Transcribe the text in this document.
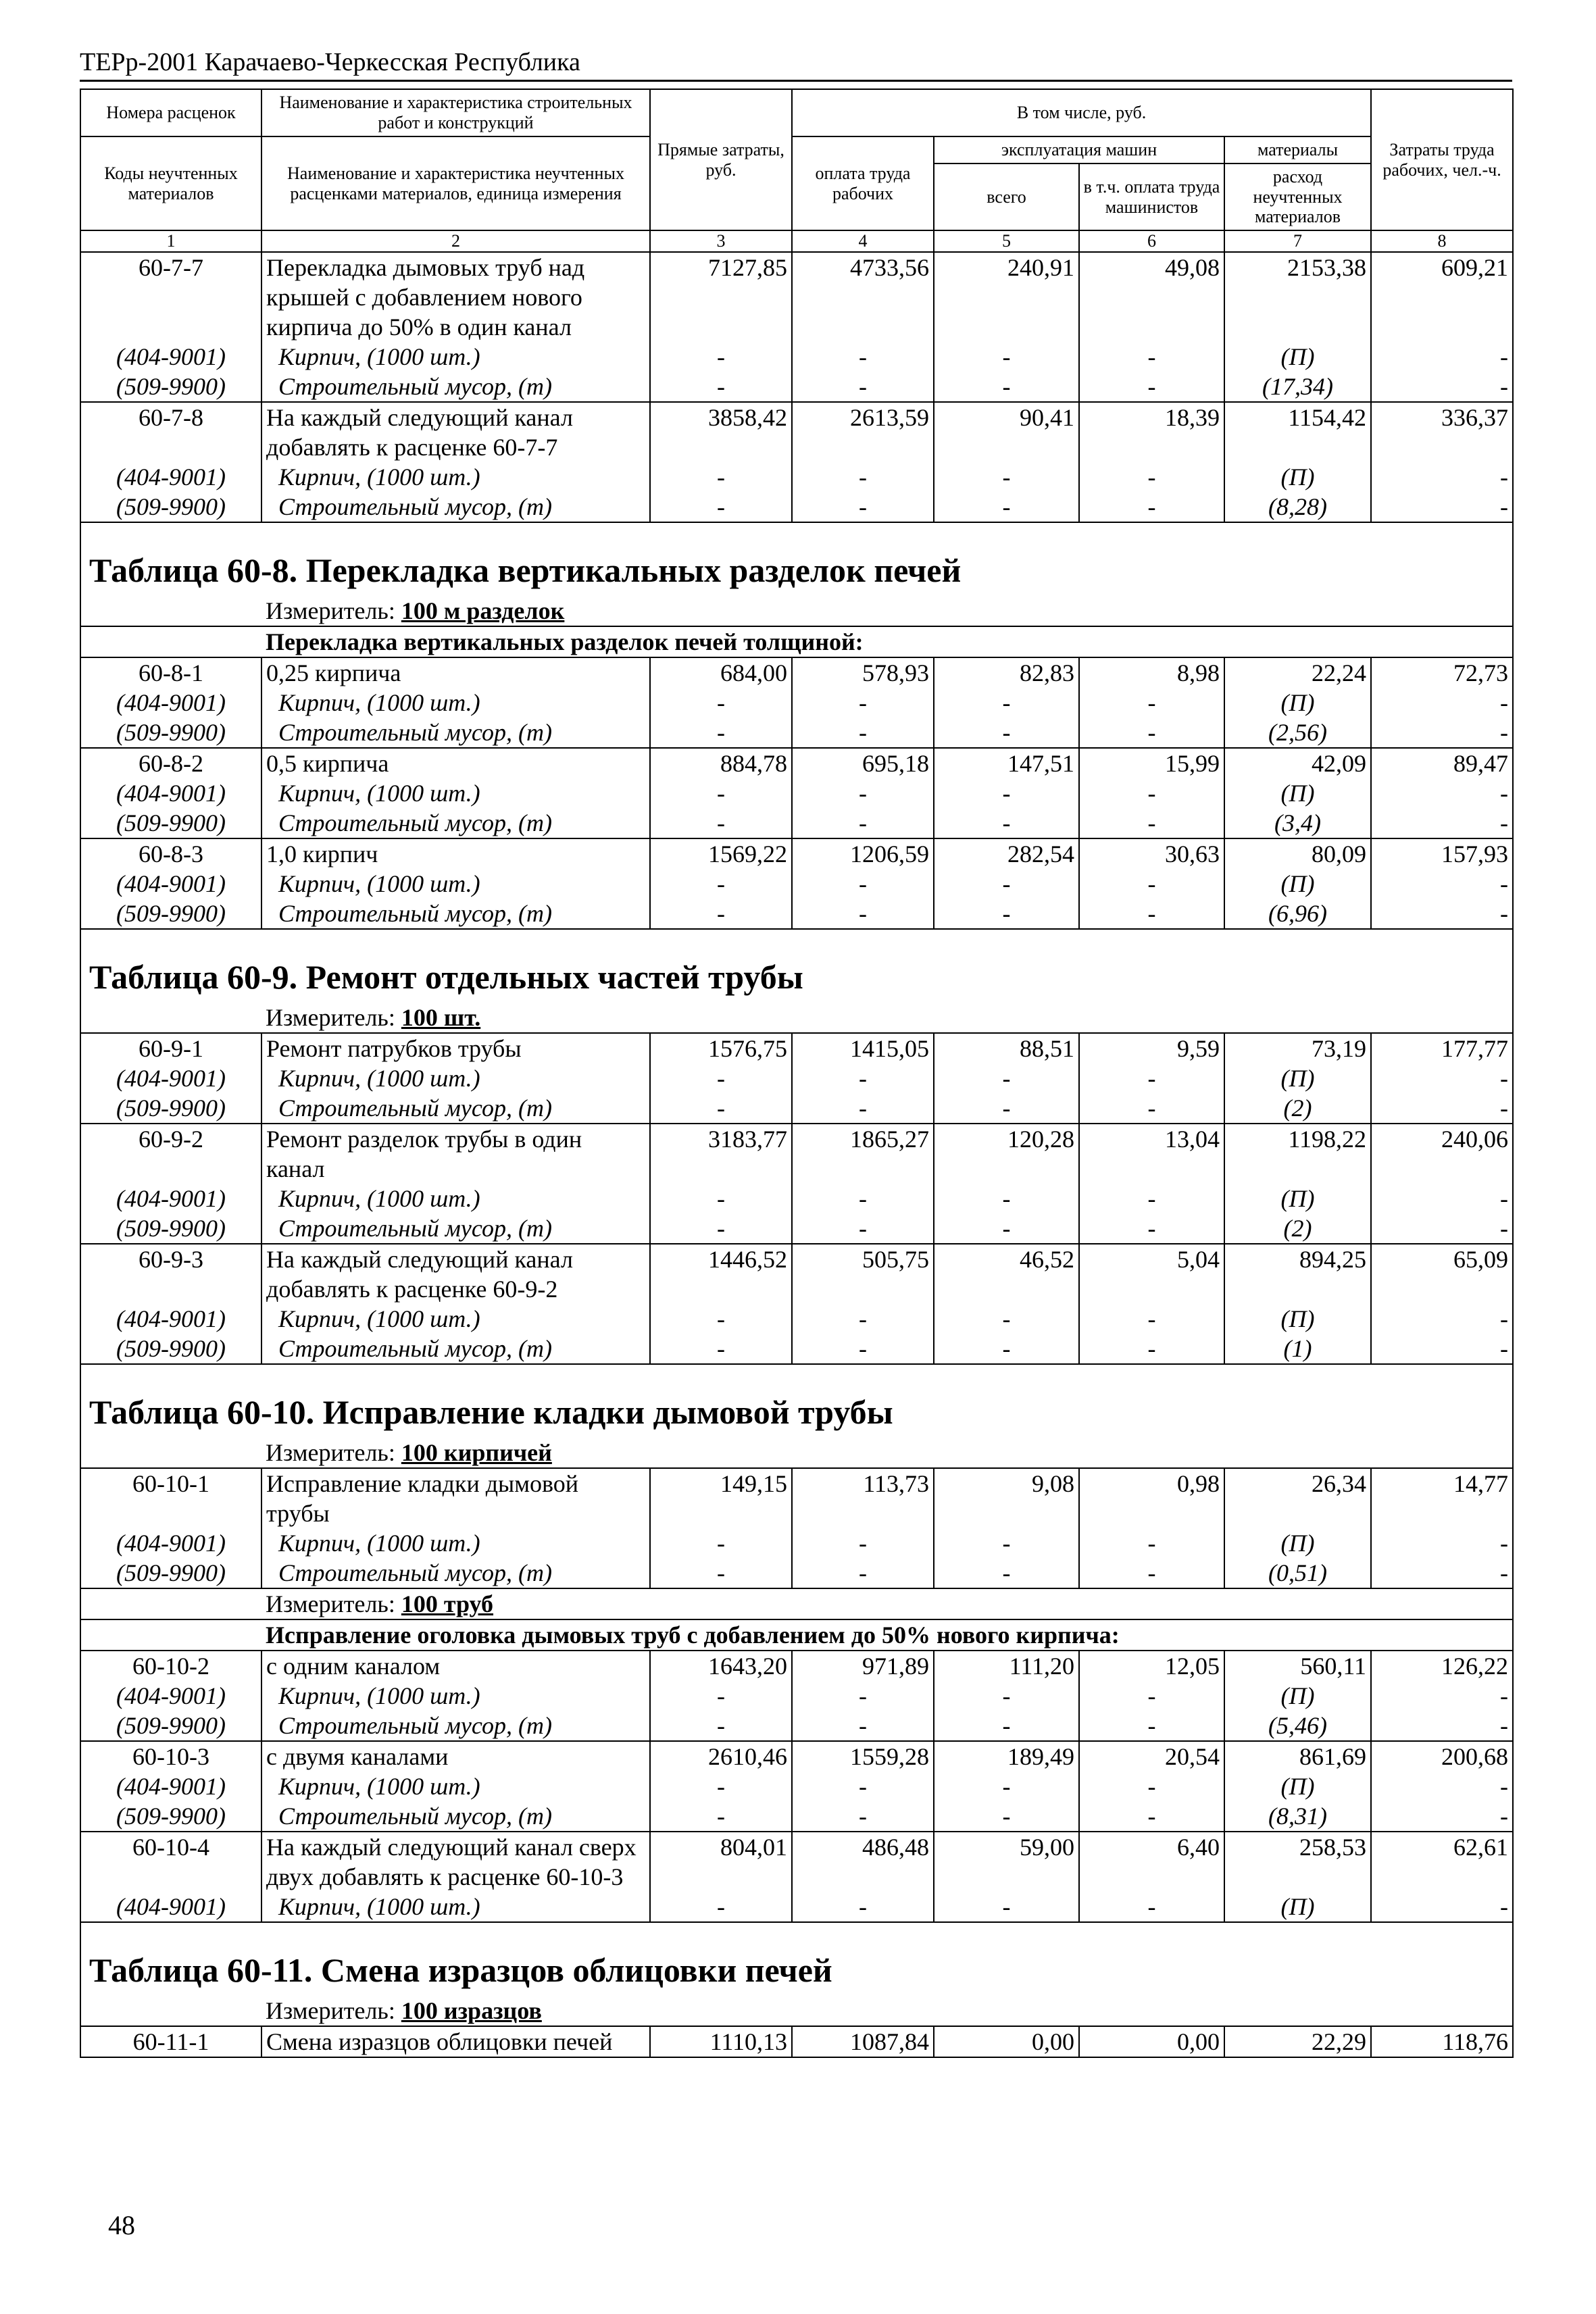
ТЕРр-2001 Карачаево-Черкесская Республика
Номера расценок	Наименование и характеристика строительных работ и конструкций	Прямые затраты, руб.	В том числе, руб.				Затраты труда рабочих, чел.-ч.
Коды неучтенных материалов	Наименование и характеристика неучтенных расценками материалов, единица измерения		оплата труда рабочих	эксплуатация машин		материалы	
				всего	в т.ч. оплата труда машинистов	расход неучтенных материалов	
1	2	3	4	5	6	7	8
60-7-7	Перекладка дымовых труб над крышей с добавлением нового кирпича до 50% в один канал	7127,85	4733,56	240,91	49,08	2153,38	609,21
(404-9001)	Кирпич, (1000 шт.)	-	-	-	-	(П)	-
(509-9900)	Строительный мусор, (т)	-	-	-	-	(17,34)	-
60-7-8	На каждый следующий канал добавлять к расценке 60-7-7	3858,42	2613,59	90,41	18,39	1154,42	336,37
(404-9001)	Кирпич, (1000 шт.)	-	-	-	-	(П)	-
(509-9900)	Строительный мусор, (т)	-	-	-	-	(8,28)	-

Таблица 60-8. Перекладка вертикальных разделок печей							

	Измеритель: 100 м разделок						
	Перекладка вертикальных разделок печей толщиной:						
60-8-1	0,25 кирпича	684,00	578,93	82,83	8,98	22,24	72,73
(404-9001)	Кирпич, (1000 шт.)	-	-	-	-	(П)	-
(509-9900)	Строительный мусор, (т)	-	-	-	-	(2,56)	-
60-8-2	0,5 кирпича	884,78	695,18	147,51	15,99	42,09	89,47
(404-9001)	Кирпич, (1000 шт.)	-	-	-	-	(П)	-
(509-9900)	Строительный мусор, (т)	-	-	-	-	(3,4)	-
60-8-3	1,0 кирпич	1569,22	1206,59	282,54	30,63	80,09	157,93
(404-9001)	Кирпич, (1000 шт.)	-	-	-	-	(П)	-
(509-9900)	Строительный мусор, (т)	-	-	-	-	(6,96)	-

Таблица 60-9. Ремонт отдельных частей трубы							

	Измеритель: 100 шт.						
60-9-1	Ремонт патрубков трубы	1576,75	1415,05	88,51	9,59	73,19	177,77
(404-9001)	Кирпич, (1000 шт.)	-	-	-	-	(П)	-
(509-9900)	Строительный мусор, (т)	-	-	-	-	(2)	-
60-9-2	Ремонт разделок трубы в один канал	3183,77	1865,27	120,28	13,04	1198,22	240,06
(404-9001)	Кирпич, (1000 шт.)	-	-	-	-	(П)	-
(509-9900)	Строительный мусор, (т)	-	-	-	-	(2)	-
60-9-3	На каждый следующий канал добавлять к расценке 60-9-2	1446,52	505,75	46,52	5,04	894,25	65,09
(404-9001)	Кирпич, (1000 шт.)	-	-	-	-	(П)	-
(509-9900)	Строительный мусор, (т)	-	-	-	-	(1)	-

Таблица 60-10. Исправление кладки дымовой трубы							

	Измеритель: 100 кирпичей						
60-10-1	Исправление кладки дымовой трубы	149,15	113,73	9,08	0,98	26,34	14,77
(404-9001)	Кирпич, (1000 шт.)	-	-	-	-	(П)	-
(509-9900)	Строительный мусор, (т)	-	-	-	-	(0,51)	-
	Измеритель: 100 труб						
	Исправление оголовка дымовых труб с добавлением до 50% нового кирпича:						
60-10-2	с одним каналом	1643,20	971,89	111,20	12,05	560,11	126,22
(404-9001)	Кирпич, (1000 шт.)	-	-	-	-	(П)	-
(509-9900)	Строительный мусор, (т)	-	-	-	-	(5,46)	-
60-10-3	с двумя каналами	2610,46	1559,28	189,49	20,54	861,69	200,68
(404-9001)	Кирпич, (1000 шт.)	-	-	-	-	(П)	-
(509-9900)	Строительный мусор, (т)	-	-	-	-	(8,31)	-
60-10-4	На каждый следующий канал сверх двух добавлять к расценке 60-10-3	804,01	486,48	59,00	6,40	258,53	62,61
(404-9001)	Кирпич, (1000 шт.)	-	-	-	-	(П)	-

Таблица 60-11. Смена изразцов облицовки печей							

	Измеритель: 100 изразцов						
60-11-1	Смена изразцов облицовки печей	1110,13	1087,84	0,00	0,00	22,29	118,76
48
